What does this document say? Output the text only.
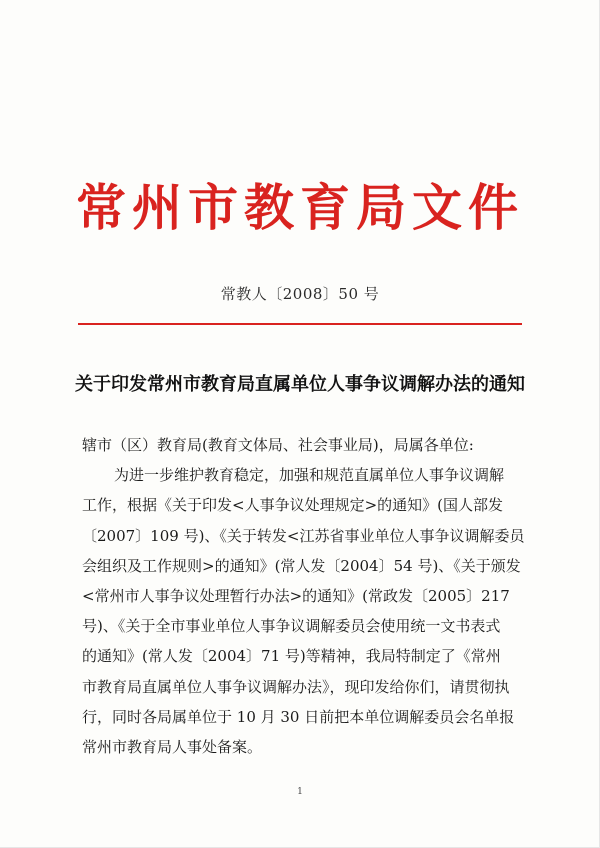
常州市教育局文件
常教人〔2008〕50 号
关于印发常州市教育局直属单位人事争议调解办法的通知
辖市（区）教育局(教育文体局、社会事业局)，局属各单位:
为进一步维护教育稳定，加强和规范直属单位人事争议调解
工作，根据《关于印发<人事争议处理规定>的通知》(国人部发
〔2007〕109 号)、《关于转发<江苏省事业单位人事争议调解委员
会组织及工作规则>的通知》(常人发〔2004〕54 号)、《关于颁发
<常州市人事争议处理暂行办法>的通知》(常政发〔2005〕217
号)、《关于全市事业单位人事争议调解委员会使用统一文书表式
的通知》(常人发〔2004〕71 号)等精神，我局特制定了《常州
市教育局直属单位人事争议调解办法》，现印发给你们，请贯彻执
行，同时各局属单位于 10 月 30 日前把本单位调解委员会名单报
常州市教育局人事处备案。
1
